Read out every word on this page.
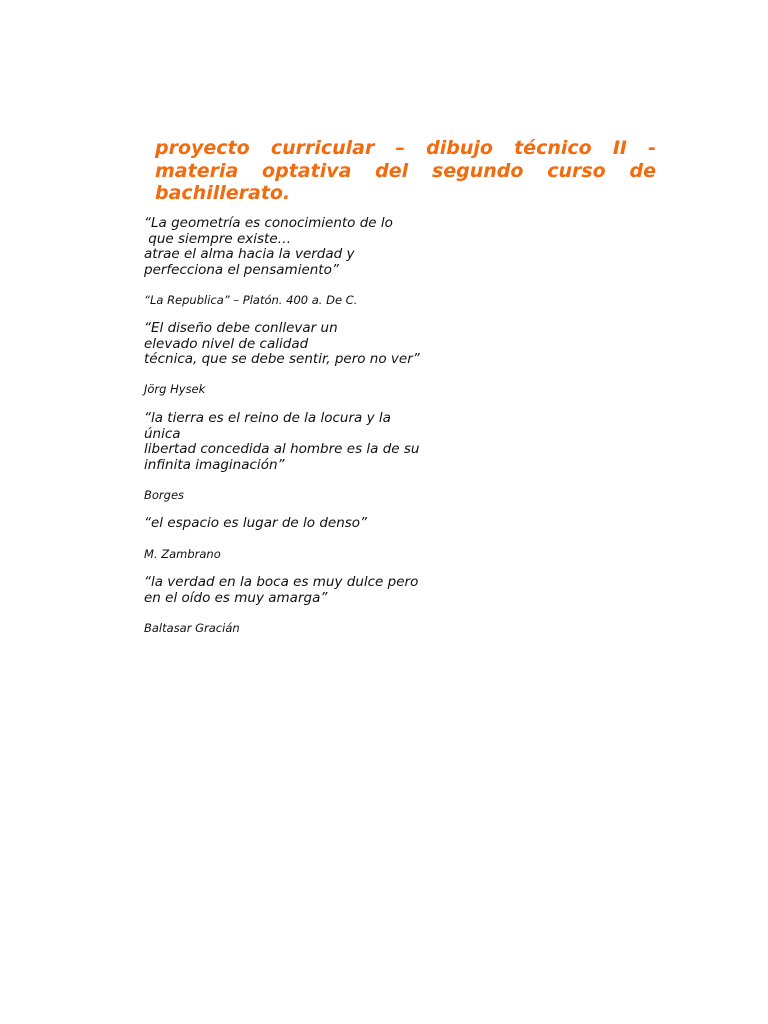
proyecto curricular – dibujo técnico II -
materia optativa del segundo curso de
bachillerato.
“La geometría es conocimiento de lo
que siempre existe…
atrae el alma hacia la verdad y
perfecciona el pensamiento”
“La Republica” – Platón. 400 a. De C.
“El diseño debe conllevar un
elevado nivel de calidad
técnica, que se debe sentir, pero no ver”
Jörg Hysek
“la tierra es el reino de la locura y la
única
libertad concedida al hombre es la de su
infinita imaginación”
Borges
“el espacio es lugar de lo denso”
M. Zambrano
“la verdad en la boca es muy dulce pero
en el oído es muy amarga”
Baltasar Gracián
